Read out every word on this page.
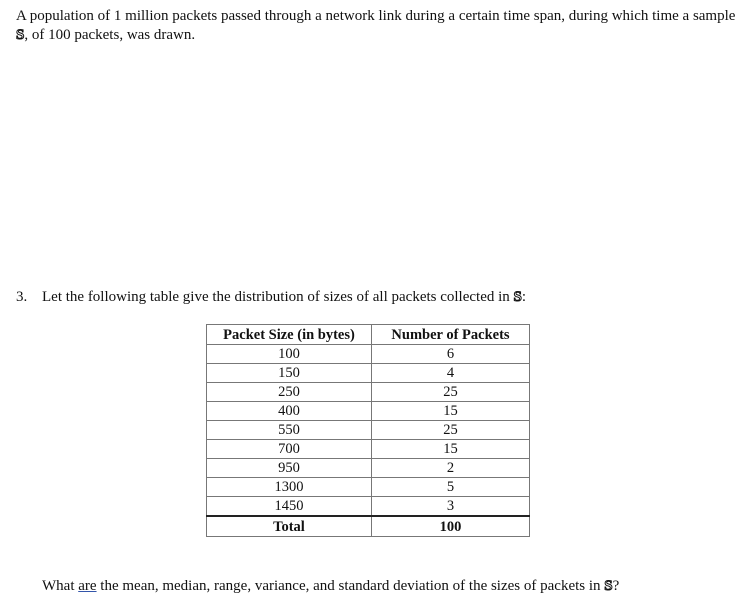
A population of 1 million packets passed through a network link during a certain time span, during which time a sample S, of 100 packets, was drawn.

3. Let the following table give the distribution of sizes of all packets collected in S:

Packet Size (in bytes)	Number of Packets
100	6
150	4
250	25
400	15
550	25
700	15
950	2
1300	5
1450	3
Total	100

What are the mean, median, range, variance, and standard deviation of the sizes of packets in S?
